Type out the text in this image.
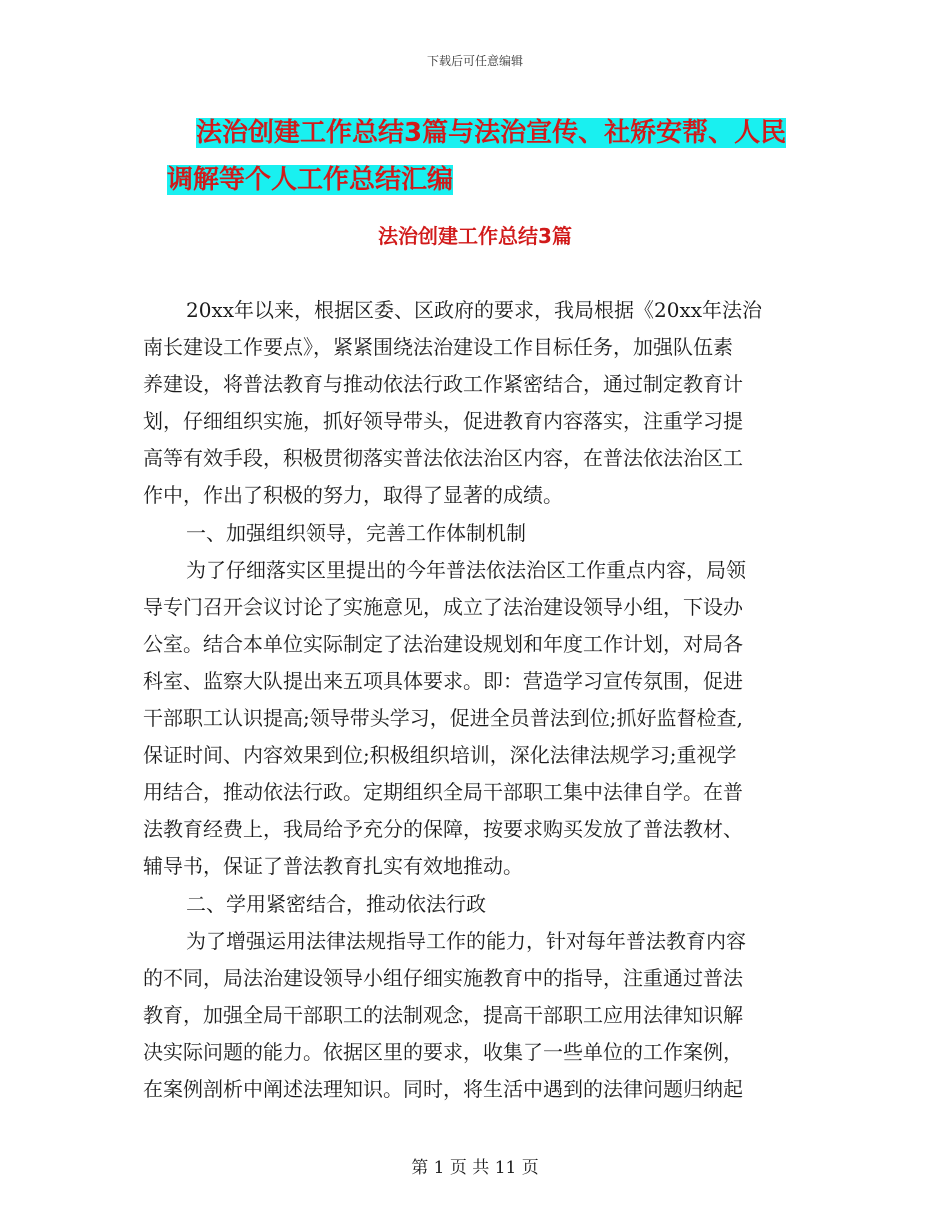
下载后可任意编辑
法治创建工作总结3篇与法治宣传、社矫安帮、人民
调解等个人工作总结汇编
法治创建工作总结3篇
20xx年以来，根据区委、区政府的要求，我局根据《20xx年法治
南长建设工作要点》，紧紧围绕法治建设工作目标任务，加强队伍素
养建设，将普法教育与推动依法行政工作紧密结合，通过制定教育计
划，仔细组织实施，抓好领导带头，促进教育内容落实，注重学习提
高等有效手段，积极贯彻落实普法依法治区内容，在普法依法治区工
作中，作出了积极的努力，取得了显著的成绩。
一、加强组织领导，完善工作体制机制
为了仔细落实区里提出的今年普法依法治区工作重点内容，局领
导专门召开会议讨论了实施意见，成立了法治建设领导小组，下设办
公室。结合本单位实际制定了法治建设规划和年度工作计划，对局各
科室、监察大队提出来五项具体要求。即：营造学习宣传氛围，促进
干部职工认识提高;领导带头学习，促进全员普法到位;抓好监督检查,
保证时间、内容效果到位;积极组织培训，深化法律法规学习;重视学
用结合，推动依法行政。定期组织全局干部职工集中法律自学。在普
法教育经费上，我局给予充分的保障，按要求购买发放了普法教材、
辅导书，保证了普法教育扎实有效地推动。
二、学用紧密结合，推动依法行政
为了增强运用法律法规指导工作的能力，针对每年普法教育内容
的不同，局法治建设领导小组仔细实施教育中的指导，注重通过普法
教育，加强全局干部职工的法制观念，提高干部职工应用法律知识解
决实际问题的能力。依据区里的要求，收集了一些单位的工作案例，
在案例剖析中阐述法理知识。同时，将生活中遇到的法律问题归纳起
第 1 页 共 11 页
